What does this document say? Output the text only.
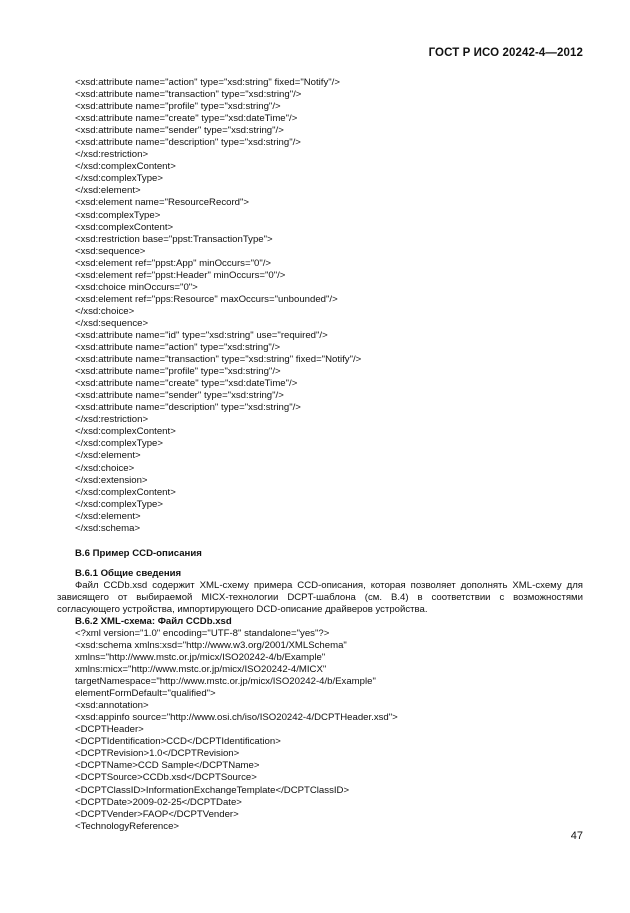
ГОСТ Р ИСО 20242-4—2012
<xsd:attribute name="action" type="xsd:string" fixed="Notify"/>
<xsd:attribute name="transaction" type="xsd:string"/>
<xsd:attribute name="profile" type="xsd:string"/>
<xsd:attribute name="create" type="xsd:dateTime"/>
<xsd:attribute name="sender" type="xsd:string"/>
<xsd:attribute name="description" type="xsd:string"/>
</xsd:restriction>
</xsd:complexContent>
</xsd:complexType>
</xsd:element>
<xsd:element name="ResourceRecord">
<xsd:complexType>
<xsd:complexContent>
<xsd:restriction base="ppst:TransactionType">
<xsd:sequence>
<xsd:element ref="ppst:App" minOccurs="0"/>
<xsd:element ref="ppst:Header" minOccurs="0"/>
<xsd:choice minOccurs="0">
<xsd:element ref="pps:Resource" maxOccurs="unbounded"/>
</xsd:choice>
</xsd:sequence>
<xsd:attribute name="id" type="xsd:string" use="required"/>
<xsd:attribute name="action" type="xsd:string"/>
<xsd:attribute name="transaction" type="xsd:string" fixed="Notify"/>
<xsd:attribute name="profile" type="xsd:string"/>
<xsd:attribute name="create" type="xsd:dateTime"/>
<xsd:attribute name="sender" type="xsd:string"/>
<xsd:attribute name="description" type="xsd:string"/>
</xsd:restriction>
</xsd:complexContent>
</xsd:complexType>
</xsd:element>
</xsd:choice>
</xsd:extension>
</xsd:complexContent>
</xsd:complexType>
</xsd:element>
</xsd:schema>
B.6 Пример CCD-описания
B.6.1 Общие сведения
Файл CCDb.xsd содержит XML-схему примера CCD-описания, которая позволяет дополнять XML-схему для зависящего от выбираемой MICX-технологии DCPT-шаблона (см. B.4) в соответствии с возможностями согласующего устройства, импортирующего DCD-описание драйверов устройства.
B.6.2 XML-схема: Файл CCDb.xsd
<?xml version="1.0" encoding="UTF-8" standalone="yes"?>
<xsd:schema xmlns:xsd="http://www.w3.org/2001/XMLSchema"
xmlns="http://www.mstc.or.jp/micx/ISO20242-4/b/Example"
xmlns:micx="http://www.mstc.or.jp/micx/ISO20242-4/MICX"
targetNamespace="http://www.mstc.or.jp/micx/ISO20242-4/b/Example"
elementFormDefault="qualified">
<xsd:annotation>
<xsd:appinfo source="http://www.osi.ch/iso/ISO20242-4/DCPTHeader.xsd">
<DCPTHeader>
<DCPTIdentification>CCD</DCPTIdentification>
<DCPTRevision>1.0</DCPTRevision>
<DCPTName>CCD Sample</DCPTName>
<DCPTSource>CCDb.xsd</DCPTSource>
<DCPTClassID>InformationExchangeTemplate</DCPTClassID>
<DCPTDate>2009-02-25</DCPTDate>
<DCPTVender>FAOP</DCPTVender>
<TechnologyReference>
47
